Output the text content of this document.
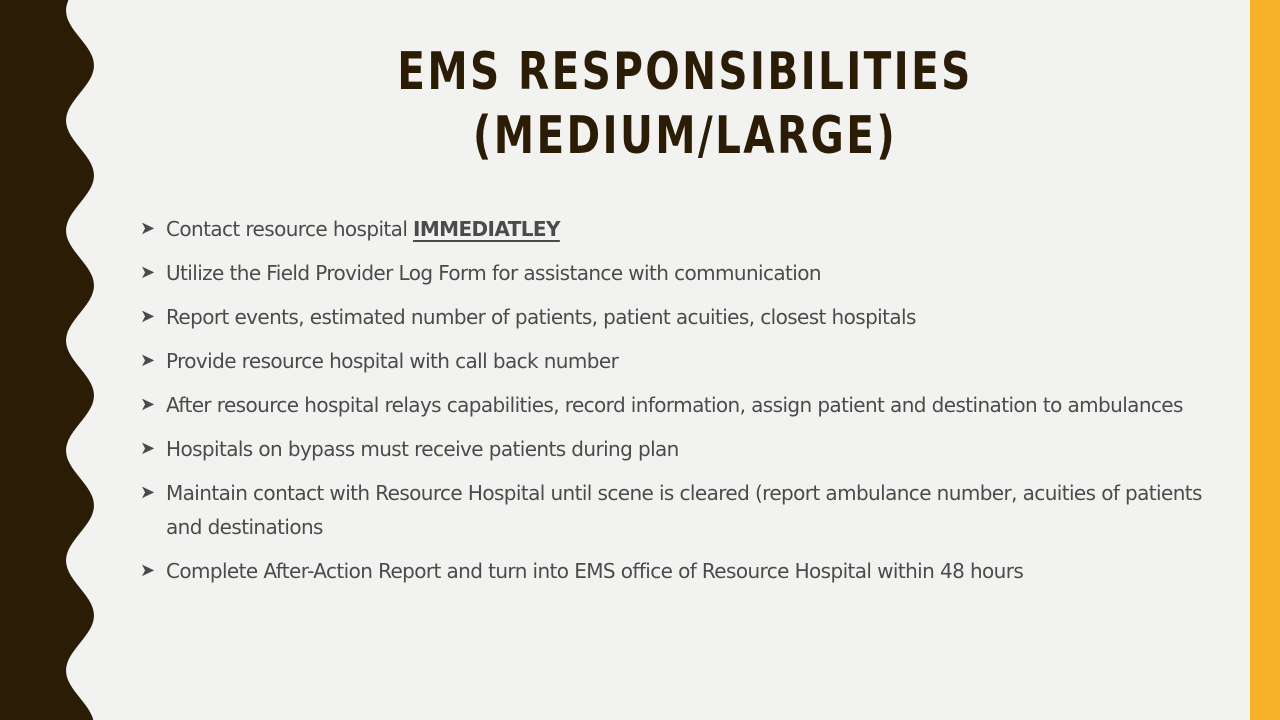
EMS RESPONSIBILITIES
(MEDIUM/LARGE)
➤ Contact resource hospital IMMEDIATLEY
➤ Utilize the Field Provider Log Form for assistance with communication
➤ Report events, estimated number of patients, patient acuities, closest hospitals
➤ Provide resource hospital with call back number
➤ After resource hospital relays capabilities, record information, assign patient and destination to ambulances
➤ Hospitals on bypass must receive patients during plan
➤ Maintain contact with Resource Hospital until scene is cleared (report ambulance number, acuities of patients and destinations
➤ Complete After-Action Report and turn into EMS office of Resource Hospital within 48 hours
